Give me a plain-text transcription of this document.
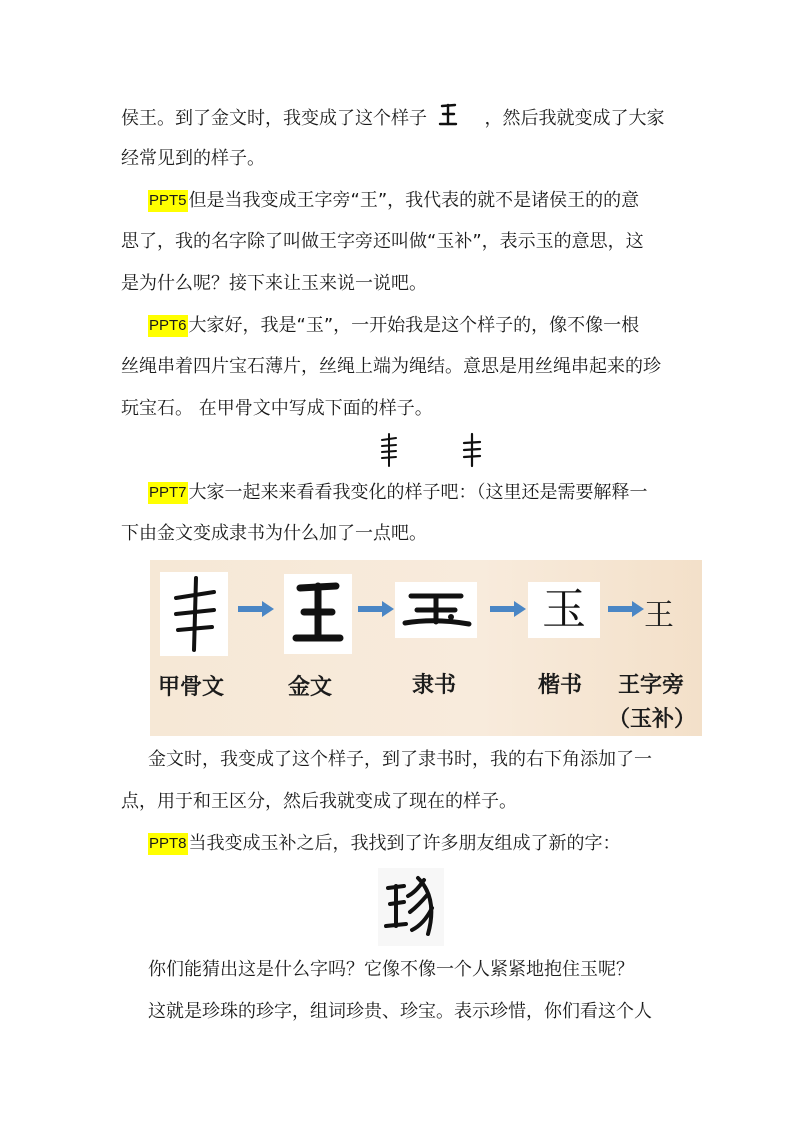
侯王。到了金文时，我变成了这个样子	，然后我就变成了大家
经常见到的样子。
PPT5 但是当我变成王字旁“王”，我代表的就不是诸侯王的的意
思了，我的名字除了叫做王字旁还叫做“玉补”，表示玉的意思，这
是为什么呢？接下来让玉来说一说吧。
PPT6 大家好，我是“玉”，一开始我是这个样子的，像不像一根
丝绳串着四片宝石薄片，丝绳上端为绳结。意思是用丝绳串起来的珍
玩宝石。 在甲骨文中写成下面的样子。
PPT7 大家一起来来看看我变化的样子吧：（这里还是需要解释一
下由金文变成隶书为什么加了一点吧。
玉	王
甲骨文	金文	隶书	楷书 王字旁
（玉补）
金文时，我变成了这个样子，到了隶书时，我的右下角添加了一
点，用于和王区分，然后我就变成了现在的样子。
PPT8 当我变成玉补之后，我找到了许多朋友组成了新的字：
你们能猜出这是什么字吗？它像不像一个人紧紧地抱住玉呢？
这就是珍珠的珍字，组词珍贵、珍宝。表示珍惜，你们看这个人
